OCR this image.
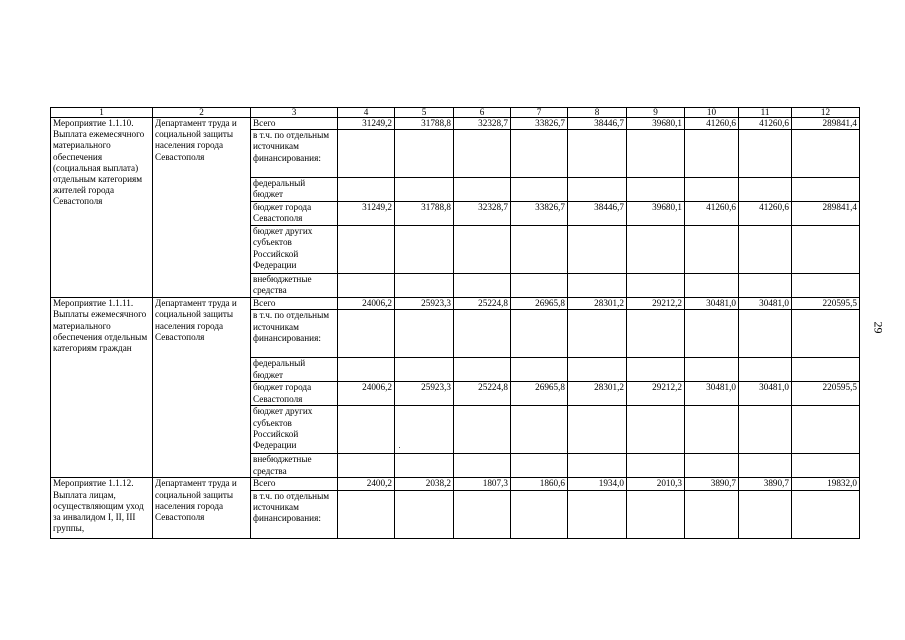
1	2	3	4	5	6	7	8	9	10	11	12
Мероприятие 1.1.10. Выплата ежемесячного материального обеспечения (социальная выплата) отдельным категориям жителей города Севастополя	Департамент труда и социальной защиты населения города Севастополя	Всего	31249,2	31788,8	32328,7	33826,7	38446,7	39680,1	41260,6	41260,6	289841,4
		в т.ч. по отдельным источникам финансирования:									
		федеральный бюджет									
		бюджет города Севастополя	31249,2	31788,8	32328,7	33826,7	38446,7	39680,1	41260,6	41260,6	289841,4
		бюджет других субъектов Российской Федерации									
		внебюджетные средства									
Мероприятие 1.1.11. Выплаты ежемесячного материального обеспечения отдельным категориям граждан	Департамент труда и социальной защиты населения города Севастополя	Всего	24006,2	25923,3	25224,8	26965,8	28301,2	29212,2	30481,0	30481,0	220595,5
		в т.ч. по отдельным источникам финансирования:									
		федеральный бюджет									
		бюджет города Севастополя	24006,2	25923,3	25224,8	26965,8	28301,2	29212,2	30481,0	30481,0	220595,5
		бюджет других субъектов Российской Федерации									
		внебюджетные средства									
Мероприятие 1.1.12. Выплата лицам, осуществляющим уход за инвалидом I, II, III группы,	Департамент труда и социальной защиты населения города Севастополя	Всего	2400,2	2038,2	1807,3	1860,6	1934,0	2010,3	3890,7	3890,7	19832,0
		в т.ч. по отдельным источникам финансирования:									
29
